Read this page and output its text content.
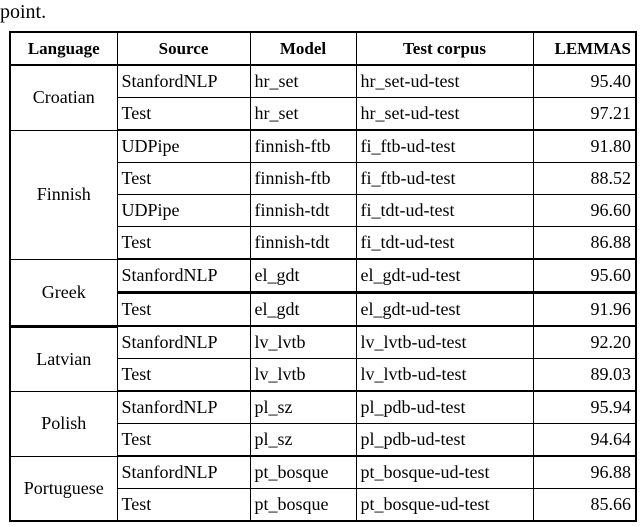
point.
Language	Source	Model	Test corpus	LEMMAS
Croatian	StanfordNLP	hr_set	hr_set-ud-test	95.40
	Test	hr_set	hr_set-ud-test	97.21
Finnish	UDPipe	finnish-ftb	fi_ftb-ud-test	91.80
	Test	finnish-ftb	fi_ftb-ud-test	88.52
	UDPipe	finnish-tdt	fi_tdt-ud-test	96.60
	Test	finnish-tdt	fi_tdt-ud-test	86.88
Greek	StanfordNLP	el_gdt	el_gdt-ud-test	95.60
	Test	el_gdt	el_gdt-ud-test	91.96
Latvian	StanfordNLP	lv_lvtb	lv_lvtb-ud-test	92.20
	Test	lv_lvtb	lv_lvtb-ud-test	89.03
Polish	StanfordNLP	pl_sz	pl_pdb-ud-test	95.94
	Test	pl_sz	pl_pdb-ud-test	94.64
Portuguese	StanfordNLP	pt_bosque	pt_bosque-ud-test	96.88
	Test	pt_bosque	pt_bosque-ud-test	85.66
